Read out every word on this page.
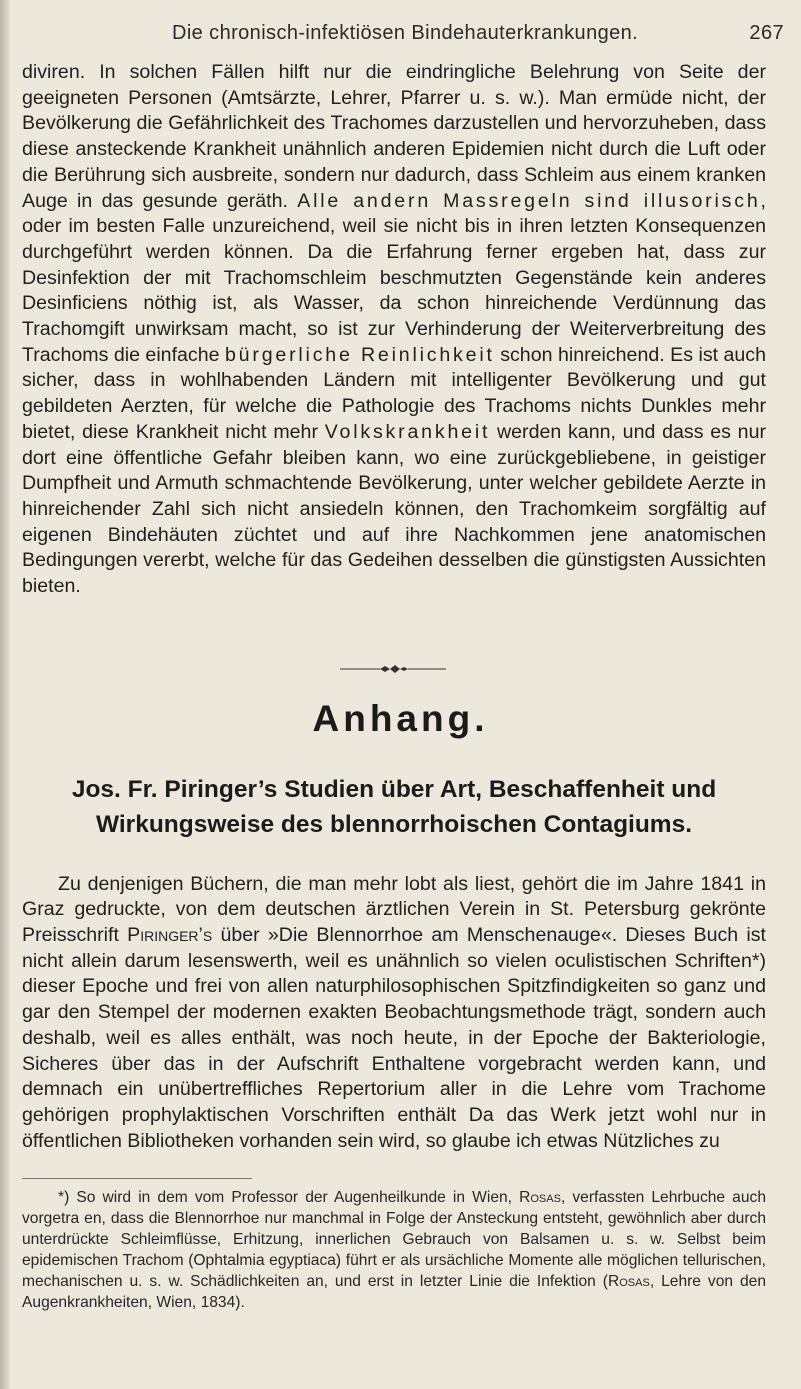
Die chronisch-infektiösen Bindehauterkrankungen.	267

diviren. In solchen Fällen hilft nur die eindringliche Belehrung von Seite der geeigneten Personen (Amtsärzte, Lehrer, Pfarrer u. s. w.). Man ermüde nicht, der Bevölkerung die Gefährlichkeit des Trachomes darzustellen und hervorzuheben, dass diese ansteckende Krankheit unähnlich anderen Epidemien nicht durch die Luft oder die Berührung sich ausbreite, sondern nur dadurch, dass Schleim aus einem kranken Auge in das gesunde geräth. Alle andern Massregeln sind illusorisch, oder im besten Falle unzureichend, weil sie nicht bis in ihren letzten Konsequenzen durchgeführt werden können. Da die Erfahrung ferner ergeben hat, dass zur Desinfektion der mit Trachomschleim beschmutzten Gegenstände kein anderes Desinficiens nöthig ist, als Wasser, da schon hinreichende Verdünnung das Trachomgift unwirksam macht, so ist zur Verhinderung der Weiterverbreitung des Trachoms die einfache bürgerliche Reinlichkeit schon hinreichend. Es ist auch sicher, dass in wohlhabenden Ländern mit intelligenter Bevölkerung und gut gebildeten Aerzten, für welche die Pathologie des Trachoms nichts Dunkles mehr bietet, diese Krankheit nicht mehr Volkskrankheit werden kann, und dass es nur dort eine öffentliche Gefahr bleiben kann, wo eine zurückgebliebene, in geistiger Dumpfheit und Armuth schmachtende Bevölkerung, unter welcher gebildete Aerzte in hinreichender Zahl sich nicht ansiedeln können, den Trachomkeim sorgfältig auf eigenen Bindehäuten züchtet und auf ihre Nachkommen jene anatomischen Bedingungen vererbt, welche für das Gedeihen desselben die günstigsten Aussichten bieten.

Anhang.
Jos. Fr. Piringer’s Studien über Art, Beschaffenheit und Wirkungsweise des blennorrhoischen Contagiums.

Zu denjenigen Büchern, die man mehr lobt als liest, gehört die im Jahre 1841 in Graz gedruckte, von dem deutschen ärztlichen Verein in St. Petersburg gekrönte Preisschrift Piringer’s über »Die Blennorrhoe am Menschenauge«. Dieses Buch ist nicht allein darum lesenswerth, weil es unähnlich so vielen oculistischen Schriften*) dieser Epoche und frei von allen naturphilosophischen Spitzfindigkeiten so ganz und gar den Stempel der modernen exakten Beobachtungsmethode trägt, sondern auch deshalb, weil es alles enthält, was noch heute, in der Epoche der Bakteriologie, Sicheres über das in der Aufschrift Enthaltene vorgebracht werden kann, und demnach ein unübertreffliches Repertorium aller in die Lehre vom Trachome gehörigen prophylaktischen Vorschriften enthält Da das Werk jetzt wohl nur in öffentlichen Bibliotheken vorhanden sein wird, so glaube ich etwas Nützliches zu

*) So wird in dem vom Professor der Augenheilkunde in Wien, Rosas, verfassten Lehrbuche auch vorgetra en, dass die Blennorrhoe nur manchmal in Folge der Ansteckung entsteht, gewöhnlich aber durch unterdrückte Schleimflüsse, Erhitzung, innerlichen Gebrauch von Balsamen u. s. w. Selbst beim epidemischen Trachom (Ophtalmia egyptiaca) führt er als ursächliche Momente alle möglichen tellurischen, mechanischen u. s. w. Schädlichkeiten an, und erst in letzter Linie die Infektion (Rosas, Lehre von den Augenkrankheiten, Wien, 1834).
